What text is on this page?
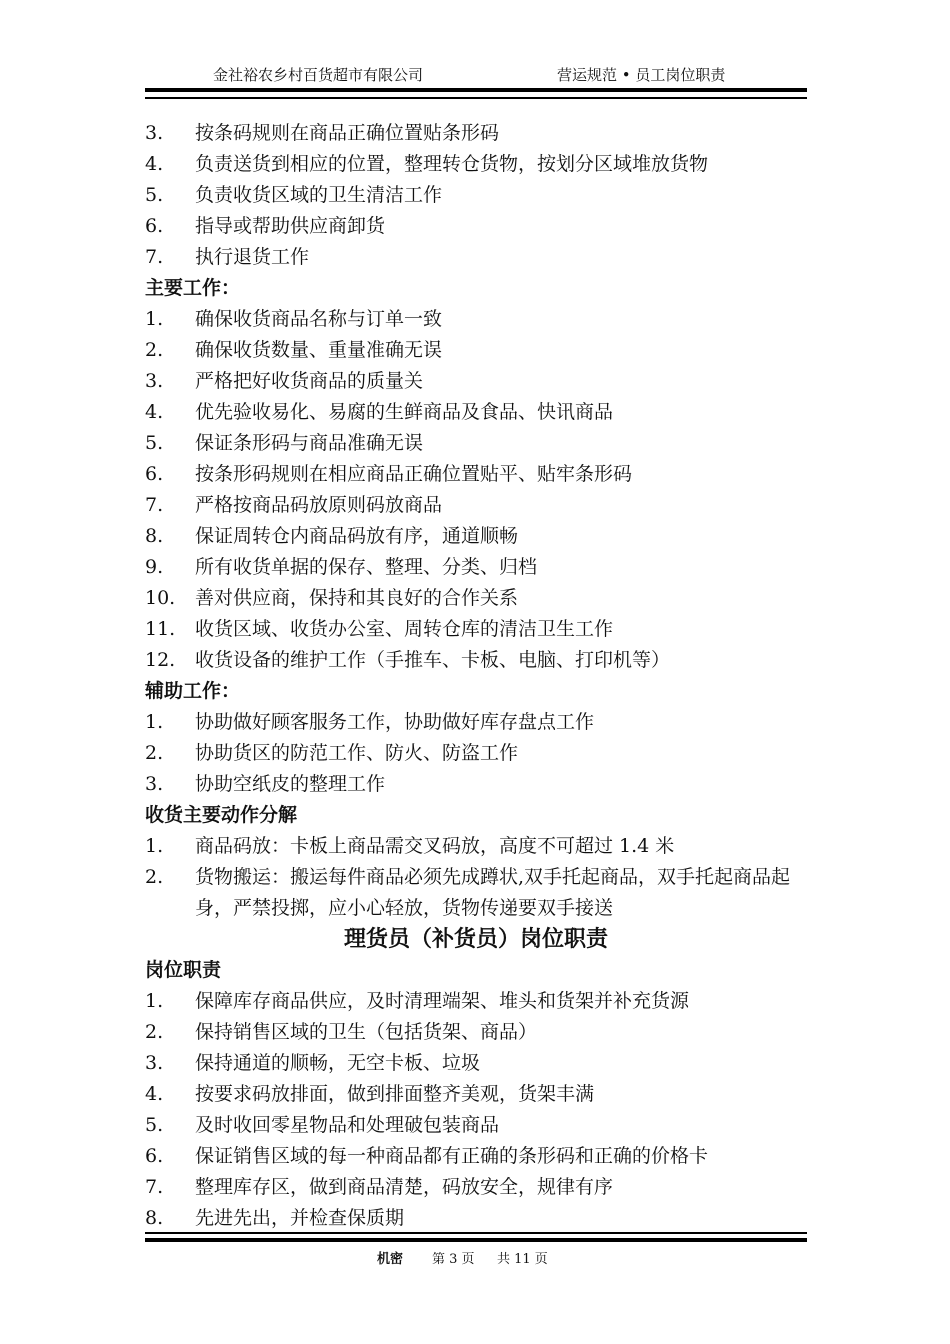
金社裕农乡村百货超市有限公司	营运规范 • 员工岗位职责
3. 按条码规则在商品正确位置贴条形码
4. 负责送货到相应的位置，整理转仓货物，按划分区域堆放货物
5. 负责收货区域的卫生清洁工作
6. 指导或帮助供应商卸货
7. 执行退货工作
主要工作：
1. 确保收货商品名称与订单一致
2. 确保收货数量、重量准确无误
3. 严格把好收货商品的质量关
4. 优先验收易化、易腐的生鲜商品及食品、快讯商品
5. 保证条形码与商品准确无误
6. 按条形码规则在相应商品正确位置贴平、贴牢条形码
7. 严格按商品码放原则码放商品
8. 保证周转仓内商品码放有序，通道顺畅
9. 所有收货单据的保存、整理、分类、归档
10. 善对供应商，保持和其良好的合作关系
11. 收货区域、收货办公室、周转仓库的清洁卫生工作
12. 收货设备的维护工作（手推车、卡板、电脑、打印机等）
辅助工作：
1. 协助做好顾客服务工作，协助做好库存盘点工作
2. 协助货区的防范工作、防火、防盗工作
3. 协助空纸皮的整理工作
收货主要动作分解
1. 商品码放：卡板上商品需交叉码放，高度不可超过 1.4 米
2. 货物搬运：搬运每件商品必须先成蹲状,双手托起商品，双手托起商品起身，严禁投掷，应小心轻放，货物传递要双手接送
理货员（补货员）岗位职责
岗位职责
1. 保障库存商品供应，及时清理端架、堆头和货架并补充货源
2. 保持销售区域的卫生（包括货架、商品）
3. 保持通道的顺畅，无空卡板、垃圾
4. 按要求码放排面，做到排面整齐美观，货架丰满
5. 及时收回零星物品和处理破包装商品
6. 保证销售区域的每一种商品都有正确的条形码和正确的价格卡
7. 整理库存区，做到商品清楚，码放安全，规律有序
8. 先进先出，并检查保质期
机密 第 3 页 共 11 页
